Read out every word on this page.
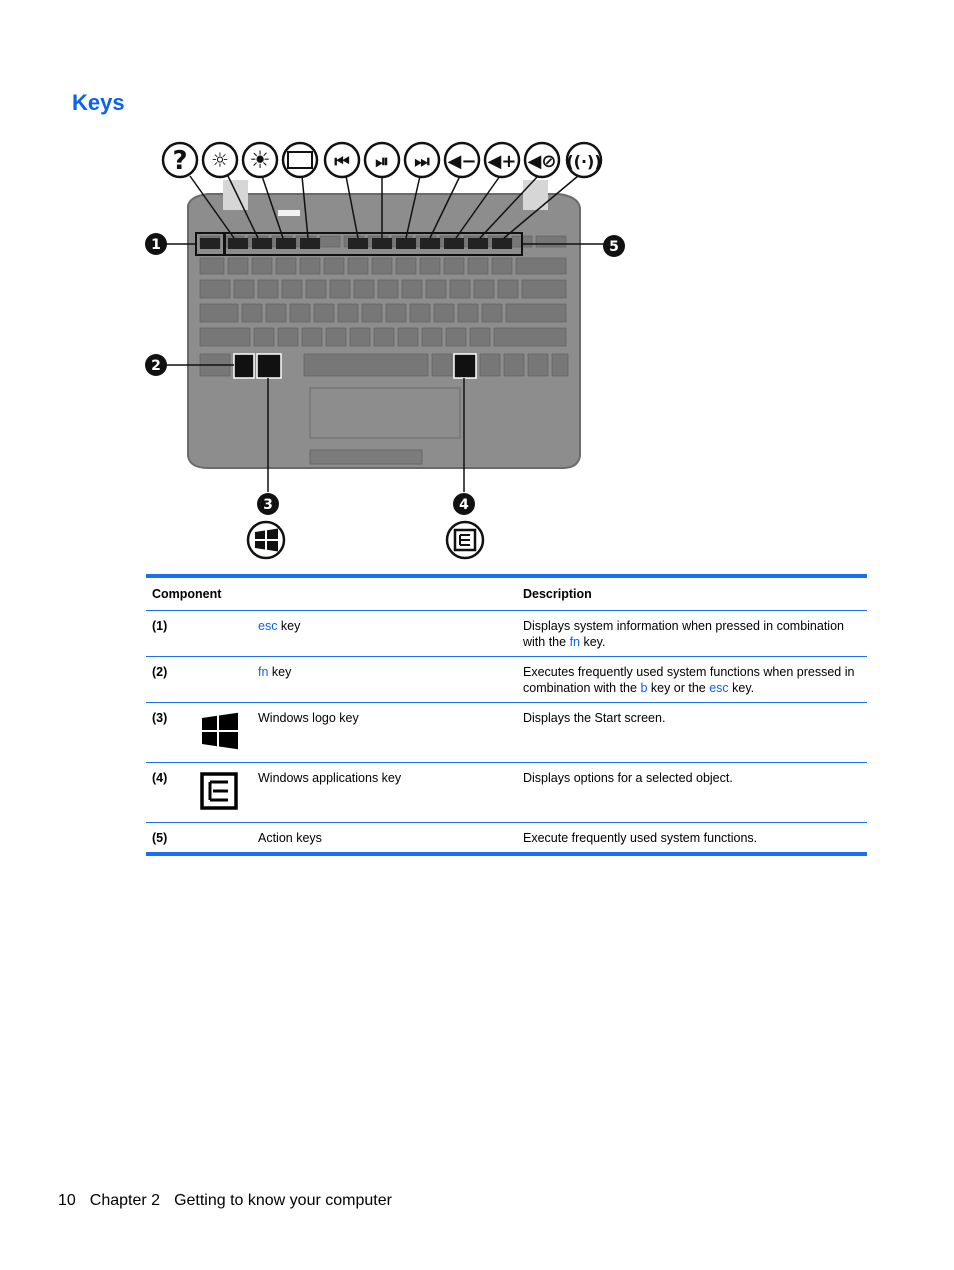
Keys
? ☼ ☀	⏮ ⏯ ⏭ ◀− ◀+ ◀⊘ ((·))
1
2
3	4
5
Component			Description
(1)		esc key	Displays system information when pressed in combination with the fn key.
(2)		fn key	Executes frequently used system functions when pressed in combination with the b key or the esc key.
(3)		Windows logo key	Displays the Start screen.
(4)		Windows applications key	Displays options for a selected object.
(5)		Action keys	Execute frequently used system functions.
10 Chapter 2 Getting to know your computer
